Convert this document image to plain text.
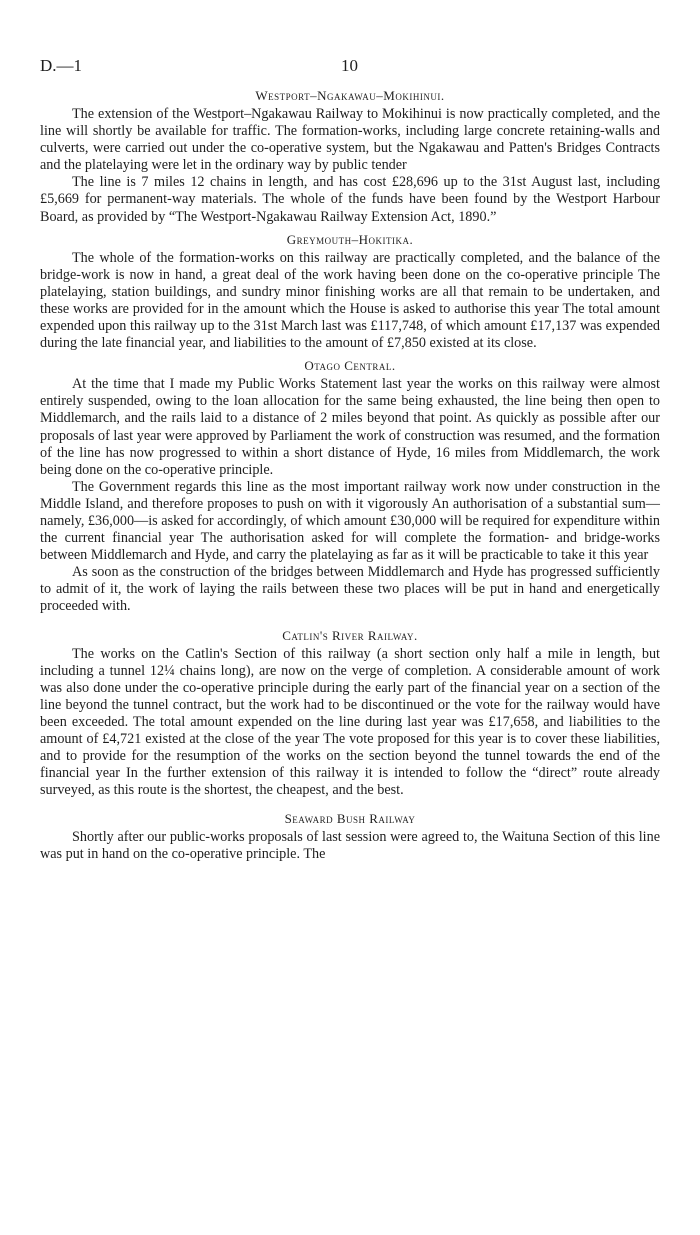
D.—1	10
Westport–Ngakawau–Mokihinui.

The extension of the Westport–Ngakawau Railway to Mokihinui is now practically completed, and the line will shortly be available for traffic. The formation-works, including large concrete retaining-walls and culverts, were carried out under the co-operative system, but the Ngakawau and Patten's Bridges Contracts and the platelaying were let in the ordinary way by public tender

The line is 7 miles 12 chains in length, and has cost £28,696 up to the 31st August last, including £5,669 for permanent-way materials. The whole of the funds have been found by the Westport Harbour Board, as provided by “The Westport-Ngakawau Railway Extension Act, 1890.”

Greymouth–Hokitika.

The whole of the formation-works on this railway are practically completed, and the balance of the bridge-work is now in hand, a great deal of the work having been done on the co-operative principle The platelaying, station buildings, and sundry minor finishing works are all that remain to be undertaken, and these works are provided for in the amount which the House is asked to authorise this year The total amount expended upon this railway up to the 31st March last was £117,748, of which amount £17,137 was expended during the late financial year, and liabilities to the amount of £7,850 existed at its close.

Otago Central.

At the time that I made my Public Works Statement last year the works on this railway were almost entirely suspended, owing to the loan allocation for the same being exhausted, the line being then open to Middlemarch, and the rails laid to a distance of 2 miles beyond that point. As quickly as possible after our proposals of last year were approved by Parliament the work of construction was resumed, and the formation of the line has now progressed to within a short distance of Hyde, 16 miles from Middlemarch, the work being done on the co-operative principle.

The Government regards this line as the most important railway work now under construction in the Middle Island, and therefore proposes to push on with it vigorously An authorisation of a substantial sum—namely, £36,000—is asked for accordingly, of which amount £30,000 will be required for expenditure within the current financial year The authorisation asked for will complete the formation- and bridge-works between Middlemarch and Hyde, and carry the platelaying as far as it will be practicable to take it this year

As soon as the construction of the bridges between Middlemarch and Hyde has progressed sufficiently to admit of it, the work of laying the rails between these two places will be put in hand and energetically proceeded with.

Catlin's River Railway.

The works on the Catlin's Section of this railway (a short section only half a mile in length, but including a tunnel 12¼ chains long), are now on the verge of completion. A considerable amount of work was also done under the co-operative principle during the early part of the financial year on a section of the line beyond the tunnel contract, but the work had to be discontinued or the vote for the railway would have been exceeded. The total amount expended on the line during last year was £17,658, and liabilities to the amount of £4,721 existed at the close of the year The vote proposed for this year is to cover these liabilities, and to provide for the resumption of the works on the section beyond the tunnel towards the end of the financial year In the further extension of this railway it is intended to follow the “direct” route already surveyed, as this route is the shortest, the cheapest, and the best.

Seaward Bush Railway

Shortly after our public-works proposals of last session were agreed to, the Waituna Section of this line was put in hand on the co-operative principle. The
